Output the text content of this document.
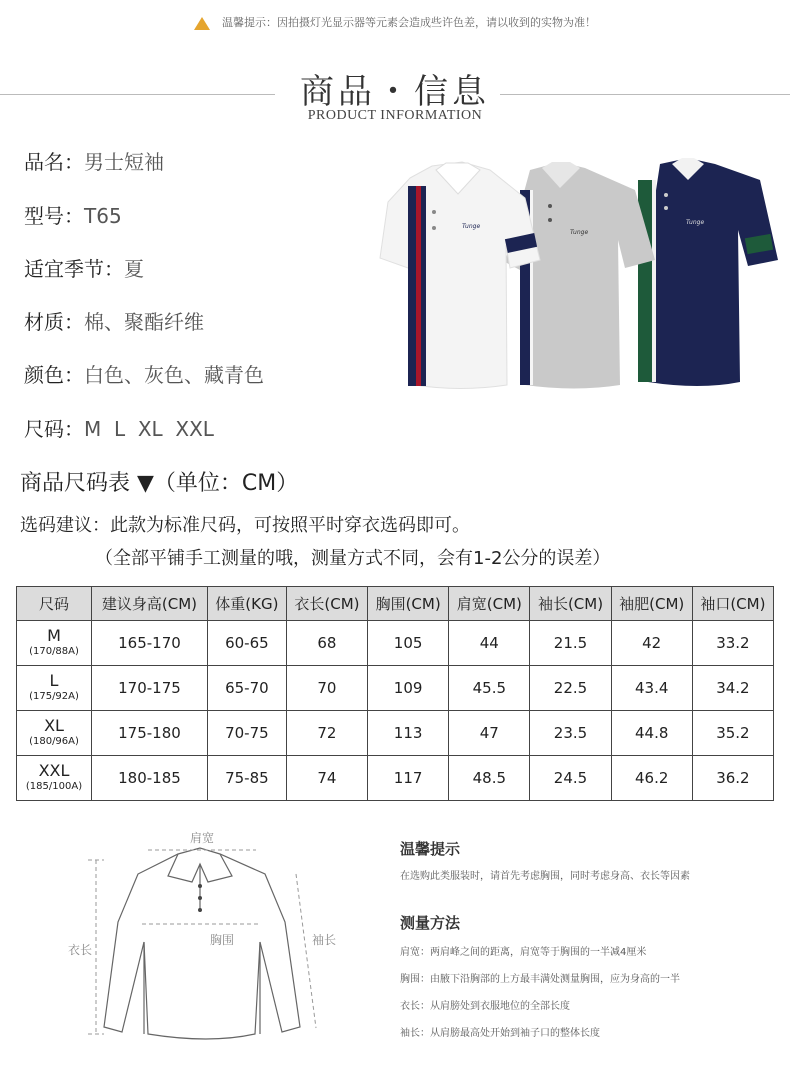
温馨提示：因拍摄灯光显示器等元素会造成些许色差，请以收到的实物为准！
商品・信息
PRODUCT INFORMATION
品名：男士短袖
型号：T65
适宜季节：夏
材质：棉、聚酯纤维
颜色：白色、灰色、藏青色
尺码：M  L  XL  XXL
Tunge
Tunge
Tunge
商品尺码表 ▼（单位：CM）
选码建议：此款为标准尺码，可按照平时穿衣选码即可。
（全部平铺手工测量的哦，测量方式不同，会有1-2公分的误差）
尺码	建议身高(CM)	体重(KG)	衣长(CM)	胸围(CM)	肩宽(CM)	袖长(CM)	袖肥(CM)	袖口(CM)

M
(170/88A)	165-170	60-65	68	105	44	21.5	42	33.2

L
(175/92A)	170-175	65-70	70	109	45.5	22.5	43.4	34.2

XL
(180/96A)	175-180	70-75	72	113	47	23.5	44.8	35.2

XXL
(185/100A)	180-185	75-85	74	117	48.5	24.5	46.2	36.2
肩宽
胸围	袖长
衣长
温馨提示

在选购此类服装时，请首先考虑胸围，同时考虑身高、衣长等因素

测量方法

肩宽：两肩峰之间的距离，肩宽等于胸围的一半减4厘米

胸围：由腋下沿胸部的上方最丰满处测量胸围，应为身高的一半

衣长：从肩膀处到衣服地位的全部长度

袖长：从肩膀最高处开始到袖子口的整体长度
